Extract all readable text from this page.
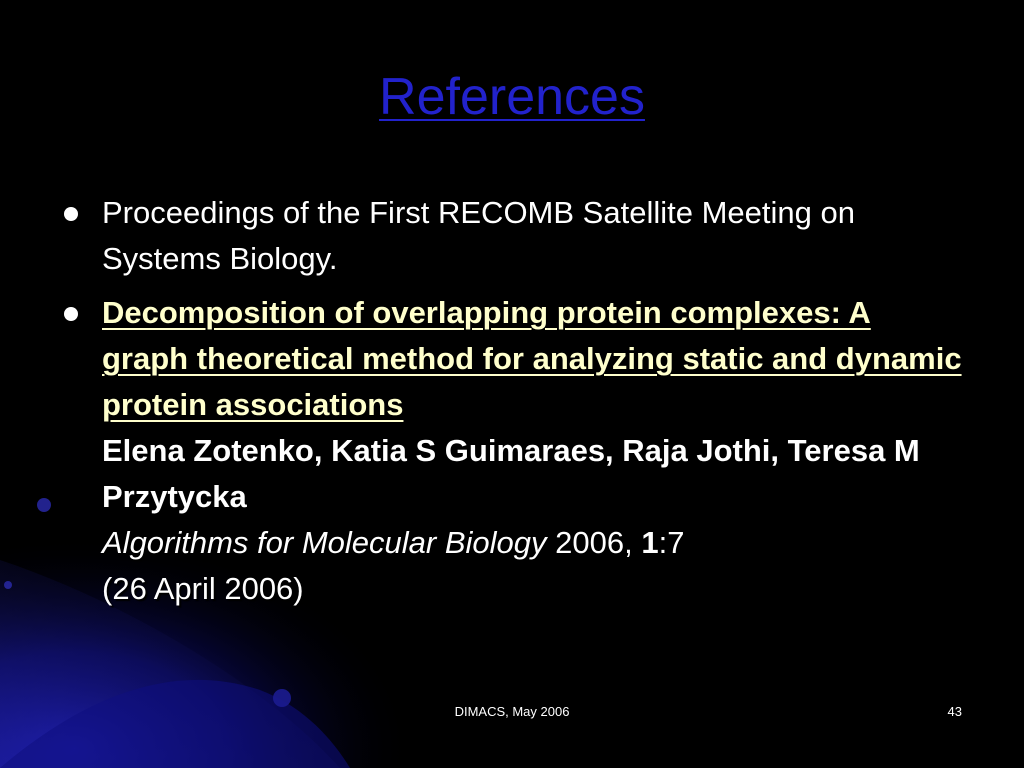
References
Proceedings of the First RECOMB Satellite Meeting on Systems Biology.
Decomposition of overlapping protein complexes: A graph theoretical method for analyzing static and dynamic protein associations
Elena Zotenko, Katia S Guimaraes, Raja Jothi, Teresa M Przytycka
Algorithms for Molecular Biology 2006, 1:7
(26 April 2006)
DIMACS, May 2006	43
